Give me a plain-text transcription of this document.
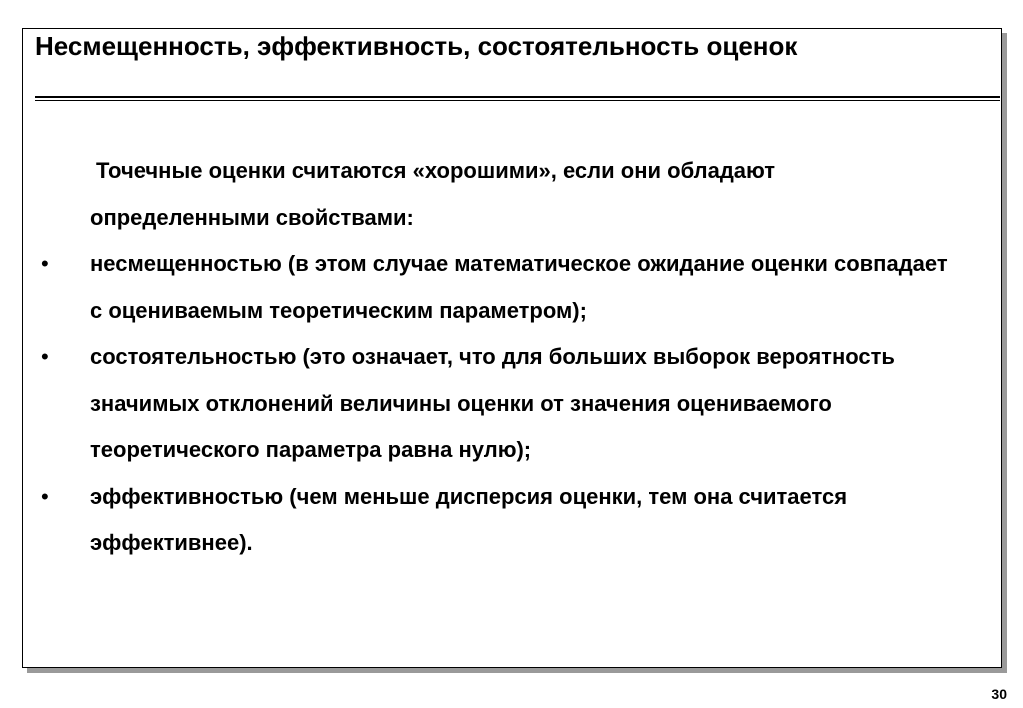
Несмещенность, эффективность, состоятельность оценок

Точечные оценки считаются «хорошими», если они обладают определенными свойствами:

• несмещенностью (в этом случае математическое ожидание оценки совпадает с оцениваемым теоретическим параметром);
• состоятельностью (это означает, что для больших выборок вероятность значимых отклонений величины оценки от значения оцениваемого теоретического параметра равна нулю);
• эффективностью (чем меньше дисперсия оценки, тем она считается эффективнее).
30
